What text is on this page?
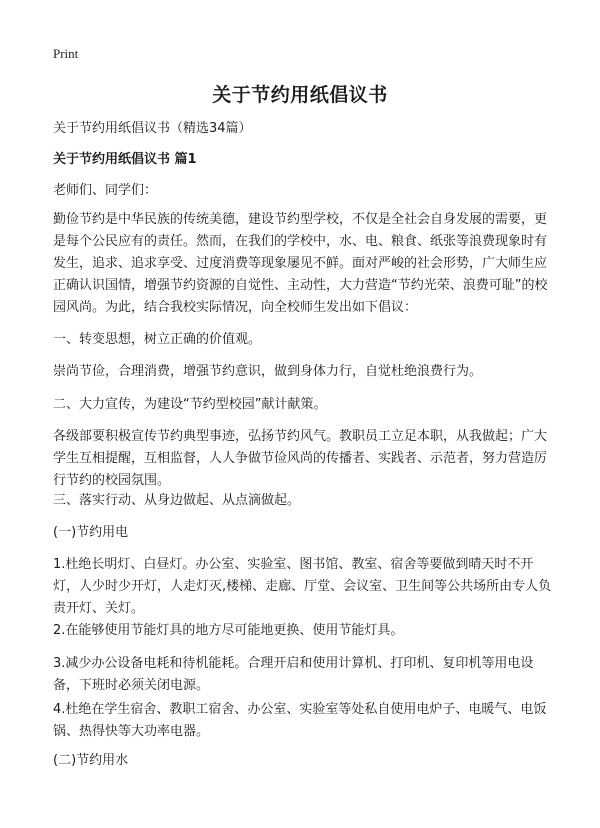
Print
关于节约用纸倡议书

关于节约用纸倡议书（精选34篇）

关于节约用纸倡议书 篇1

老师们、同学们：

勤俭节约是中华民族的传统美德，建设节约型学校，不仅是全社会自身发展的需要，更是每个公民应有的责任。然而，在我们的学校中，水、电、粮食、纸张等浪费现象时有发生，追求、追求享受、过度消费等现象屡见不鲜。面对严峻的社会形势，广大师生应正确认识国情，增强节约资源的自觉性、主动性，大力营造“节约光荣、浪费可耻”的校园风尚。为此，结合我校实际情况，向全校师生发出如下倡议：

一、转变思想，树立正确的价值观。

崇尚节俭，合理消费，增强节约意识，做到身体力行，自觉杜绝浪费行为。

二、大力宣传，为建设“节约型校园”献计献策。

各级部要积极宣传节约典型事迹，弘扬节约风气。教职员工立足本职，从我做起；广大学生互相提醒，互相监督，人人争做节俭风尚的传播者、实践者、示范者，努力营造厉行节约的校园氛围。

三、落实行动、从身边做起、从点滴做起。

(一)节约用电

1.杜绝长明灯、白昼灯。办公室、实验室、图书馆、教室、宿舍等要做到晴天时不开灯，人少时少开灯，人走灯灭,楼梯、走廊、厅堂、会议室、卫生间等公共场所由专人负责开灯、关灯。

2.在能够使用节能灯具的地方尽可能地更换、使用节能灯具。

3.减少办公设备电耗和待机能耗。合理开启和使用计算机、打印机、复印机等用电设备，下班时必须关闭电源。

4.杜绝在学生宿舍、教职工宿舍、办公室、实验室等处私自使用电炉子、电暖气、电饭锅、热得快等大功率电器。

(二)节约用水
